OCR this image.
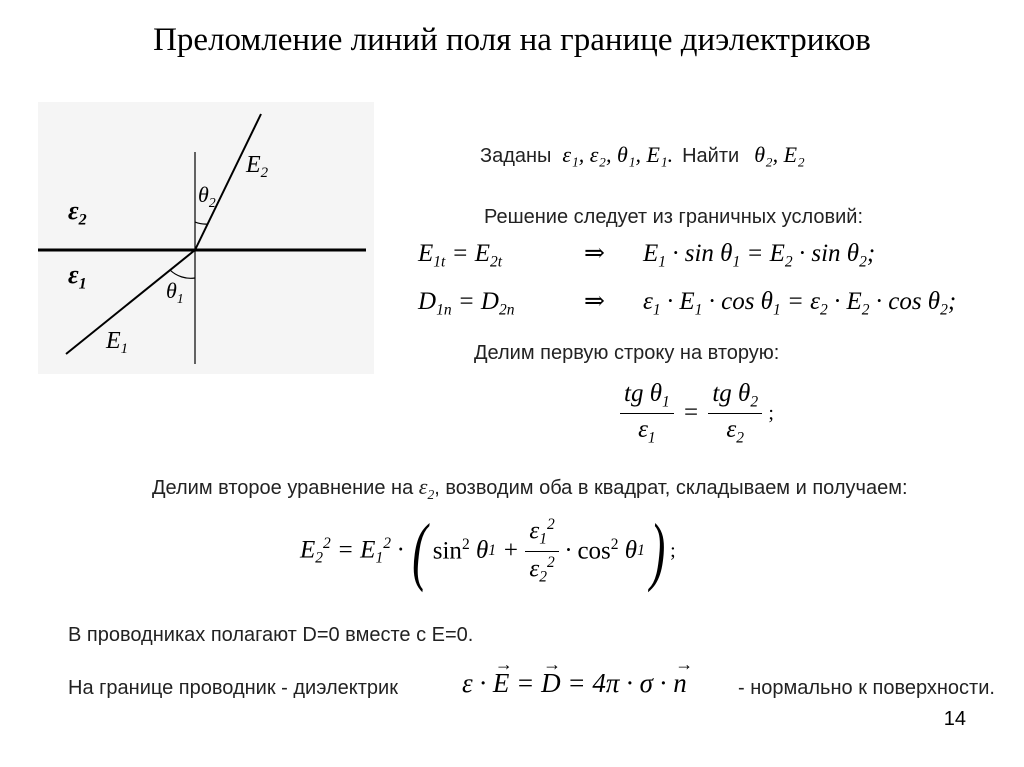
Преломление линий поля на границе диэлектриков
$E_2$
$\varepsilon_2$
$\theta_2$
$\varepsilon_1$	$\theta_1$
$E_1$
Заданы ε₁, ε₂, θ₁, E₁. Найти θ₂, E₂
Решение следует из граничных условий:
$E_{1t} = E_{2t}$	⇒ $E_1 \cdot \sin \theta_1 = E_2 \cdot \sin \theta_2$;
$D_{1n} = D_{2n}$	⇒ $\varepsilon_1 \cdot E_1 \cdot \cos \theta_1 = \varepsilon_2 \cdot E_2 \cdot \cos \theta_2$;
Делим первую строку на вторую:
$\frac{tg \theta_1}{\varepsilon_1} = \frac{tg \theta_2}{\varepsilon_2}$ ;
Делим второе уравнение на $\varepsilon_2$, возводим оба в квадрат, складываем и получаем:
$E_2^2 = E_1^2$ · ( $\sin^2 \theta$ $1 + \frac{\varepsilon_1^2}{\varepsilon_2^2} \cdot \cos^2 \theta$ 1 ) ;
В проводниках полагают D=0 вместе с E=0.
На границе проводник - диэлектрик ε · → E = → D = 4π · σ · → n	- нормально к поверхности.
14
